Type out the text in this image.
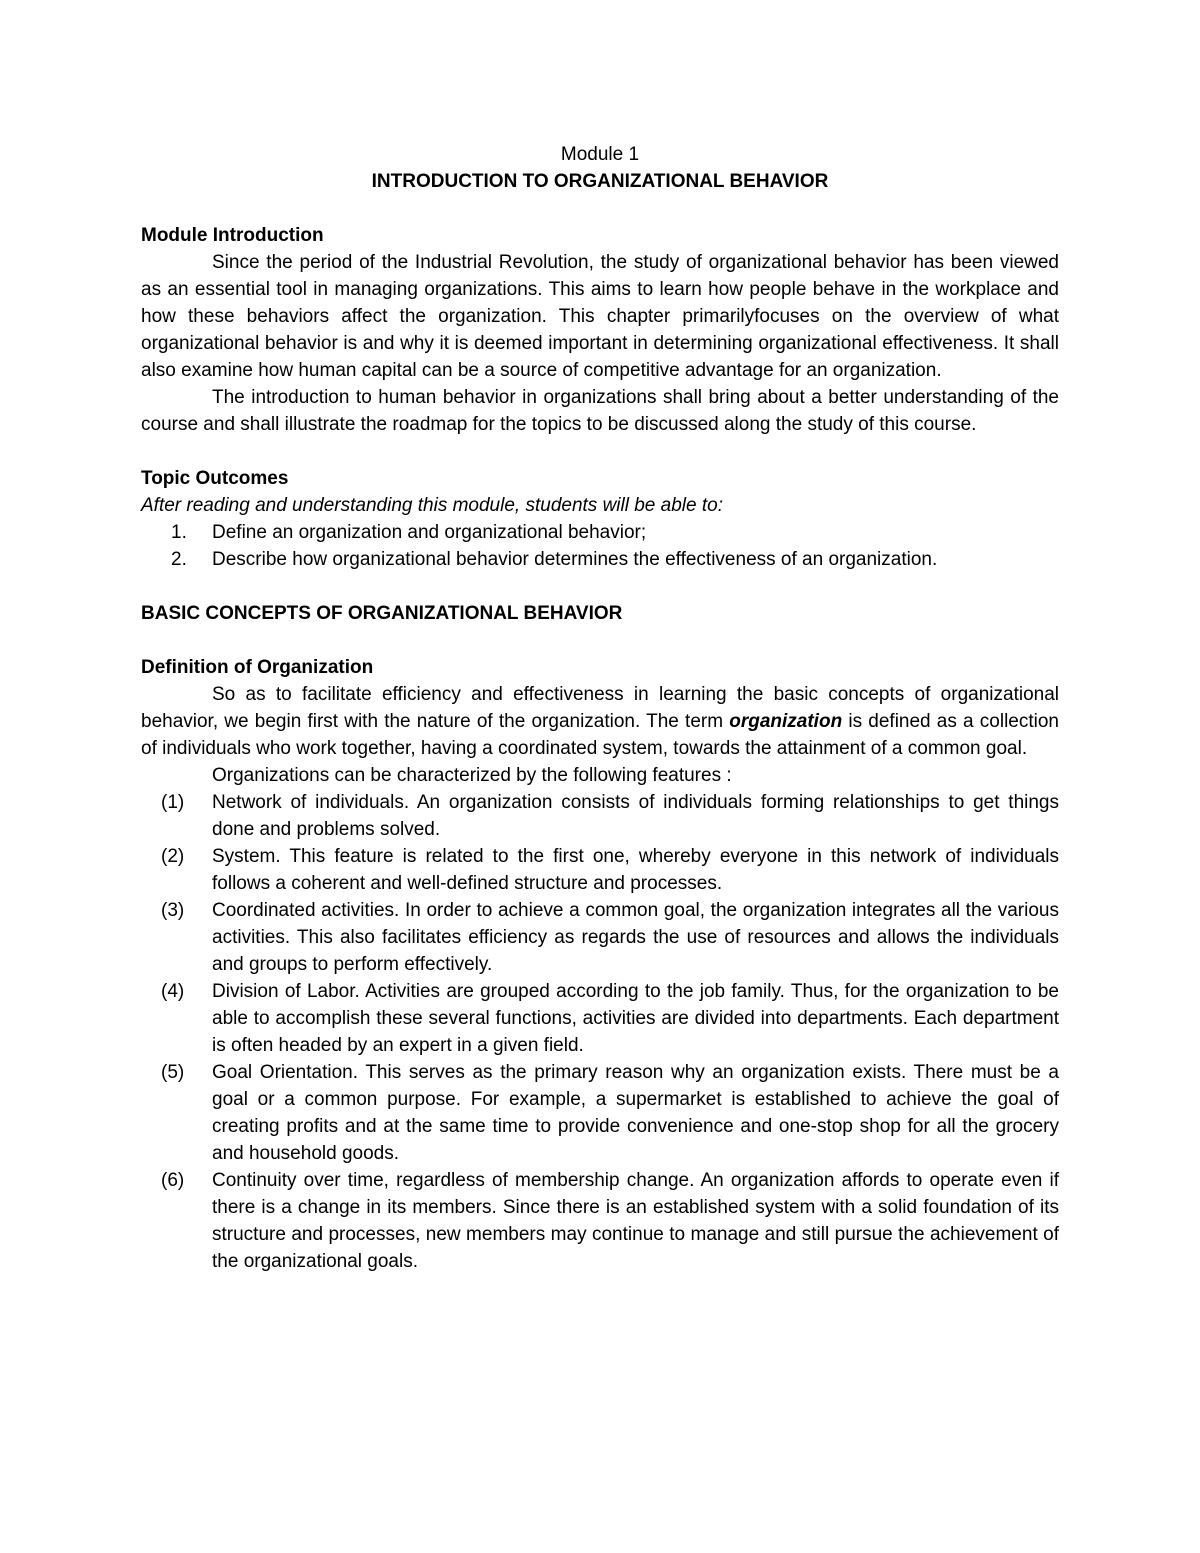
Module 1

INTRODUCTION TO ORGANIZATIONAL BEHAVIOR

Module Introduction

Since the period of the Industrial Revolution, the study of organizational behavior has been viewed as an essential tool in managing organizations. This aims to learn how people behave in the workplace and how these behaviors affect the organization. This chapter primarilyfocuses on the overview of what organizational behavior is and why it is deemed important in determining organizational effectiveness. It shall also examine how human capital can be a source of competitive advantage for an organization.

The introduction to human behavior in organizations shall bring about a better understanding of the course and shall illustrate the roadmap for the topics to be discussed along the study of this course.

Topic Outcomes

After reading and understanding this module, students will be able to:

1.	Define an organization and organizational behavior;
2.	Describe how organizational behavior determines the effectiveness of an organization.

BASIC CONCEPTS OF ORGANIZATIONAL BEHAVIOR

Definition of Organization

So as to facilitate efficiency and effectiveness in learning the basic concepts of organizational behavior, we begin first with the nature of the organization. The term organization is defined as a collection of individuals who work together, having a coordinated system, towards the attainment of a common goal.

Organizations can be characterized by the following features :

(1) Network of individuals. An organization consists of individuals forming relationships to get things done and problems solved.
(2) System. This feature is related to the first one, whereby everyone in this network of individuals follows a coherent and well-defined structure and processes.
(3) Coordinated activities. In order to achieve a common goal, the organization integrates all the various activities. This also facilitates efficiency as regards the use of resources and allows the individuals and groups to perform effectively.
(4) Division of Labor. Activities are grouped according to the job family. Thus, for the organization to be able to accomplish these several functions, activities are divided into departments. Each department is often headed by an expert in a given field.
(5) Goal Orientation. This serves as the primary reason why an organization exists. There must be a goal or a common purpose. For example, a supermarket is established to achieve the goal of creating profits and at the same time to provide convenience and one-stop shop for all the grocery and household goods.
(6) Continuity over time, regardless of membership change. An organization affords to operate even if there is a change in its members. Since there is an established system with a solid foundation of its structure and processes, new members may continue to manage and still pursue the achievement of the organizational goals.
